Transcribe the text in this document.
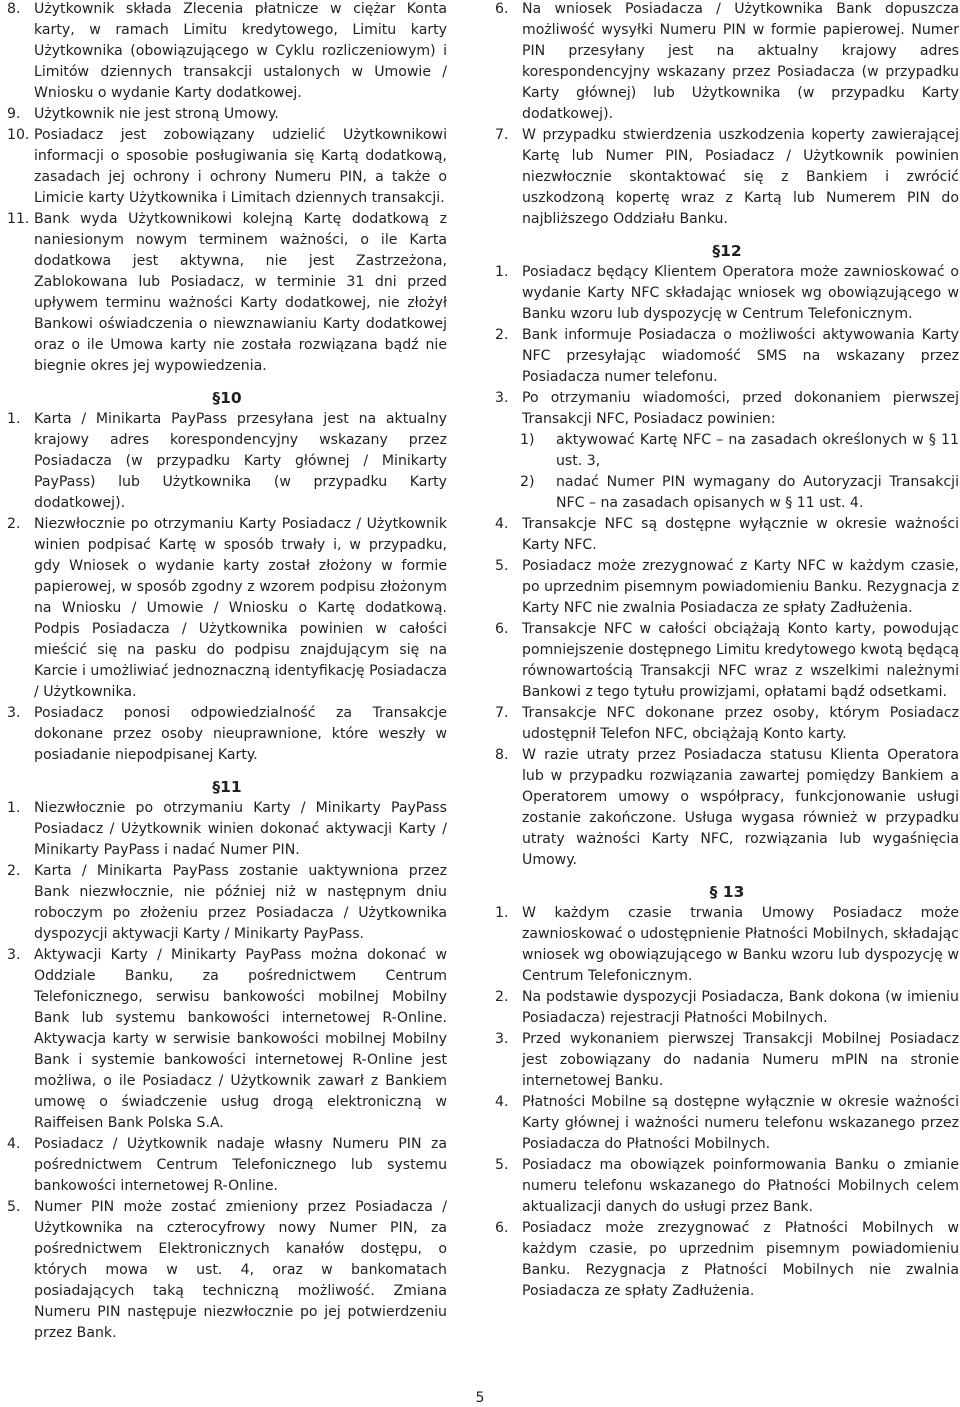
8. Użytkownik składa Zlecenia płatnicze w ciężar Konta karty, w ramach Limitu kredytowego, Limitu karty Użytkownika (obowiązującego w Cyklu rozliczeniowym) i Limitów dziennych transakcji ustalonych w Umowie / Wniosku o wydanie Karty dodatkowej.
9. Użytkownik nie jest stroną Umowy.
10. Posiadacz jest zobowiązany udzielić Użytkownikowi informacji o sposobie posługiwania się Kartą dodatkową, zasadach jej ochrony i ochrony Numeru PIN, a także o Limicie karty Użytkownika i Limitach dziennych transakcji.
11. Bank wyda Użytkownikowi kolejną Kartę dodatkową z naniesionym nowym terminem ważności, o ile Karta dodatkowa jest aktywna, nie jest Zastrzeżona, Zablokowana lub Posiadacz, w terminie 31 dni przed upływem terminu ważności Karty dodatkowej, nie złożył Bankowi oświadczenia o niewznawianiu Karty dodatkowej oraz o ile Umowa karty nie została rozwiązana bądź nie biegnie okres jej wypowiedzenia.
§10
1. Karta / Minikarta PayPass przesyłana jest na aktualny krajowy adres korespondencyjny wskazany przez Posiadacza (w przypadku Karty głównej / Minikarty PayPass) lub Użytkownika (w przypadku Karty dodatkowej).
2. Niezwłocznie po otrzymaniu Karty Posiadacz / Użytkownik winien podpisać Kartę w sposób trwały i, w przypadku, gdy Wniosek o wydanie karty został złożony w formie papierowej, w sposób zgodny z wzorem podpisu złożonym na Wniosku / Umowie / Wniosku o Kartę dodatkową. Podpis Posiadacza / Użytkownika powinien w całości mieścić się na pasku do podpisu znajdującym się na Karcie i umożliwiać jednoznaczną identyfikację Posiadacza / Użytkownika.
3. Posiadacz ponosi odpowiedzialność za Transakcje dokonane przez osoby nieuprawnione, które weszły w posiadanie niepodpisanej Karty.
§11
1. Niezwłocznie po otrzymaniu Karty / Minikarty PayPass Posiadacz / Użytkownik winien dokonać aktywacji Karty / Minikarty PayPass i nadać Numer PIN.
2. Karta / Minikarta PayPass zostanie uaktywniona przez Bank niezwłocznie, nie później niż w następnym dniu roboczym po złożeniu przez Posiadacza / Użytkownika dyspozycji aktywacji Karty / Minikarty PayPass.
3. Aktywacji Karty / Minikarty PayPass można dokonać w Oddziale Banku, za pośrednictwem Centrum Telefonicznego, serwisu bankowości mobilnej Mobilny Bank lub systemu bankowości internetowej R-Online. Aktywacja karty w serwisie bankowości mobilnej Mobilny Bank i systemie bankowości internetowej R-Online jest możliwa, o ile Posiadacz / Użytkownik zawarł z Bankiem umowę o świadczenie usług drogą elektroniczną w Raiffeisen Bank Polska S.A.
4. Posiadacz / Użytkownik nadaje własny Numeru PIN za pośrednictwem Centrum Telefonicznego lub systemu bankowości internetowej R-Online.
5. Numer PIN może zostać zmieniony przez Posiadacza / Użytkownika na czterocyfrowy nowy Numer PIN, za pośrednictwem Elektronicznych kanałów dostępu, o których mowa w ust. 4, oraz w bankomatach posiadających taką techniczną możliwość. Zmiana Numeru PIN następuje niezwłocznie po jej potwierdzeniu przez Bank.
6. Na wniosek Posiadacza / Użytkownika Bank dopuszcza możliwość wysyłki Numeru PIN w formie papierowej. Numer PIN przesyłany jest na aktualny krajowy adres korespondencyjny wskazany przez Posiadacza (w przypadku Karty głównej) lub Użytkownika (w przypadku Karty dodatkowej).
7. W przypadku stwierdzenia uszkodzenia koperty zawierającej Kartę lub Numer PIN, Posiadacz / Użytkownik powinien niezwłocznie skontaktować się z Bankiem i zwrócić uszkodzoną kopertę wraz z Kartą lub Numerem PIN do najbliższego Oddziału Banku.
§12
1. Posiadacz będący Klientem Operatora może zawnioskować o wydanie Karty NFC składając wniosek wg obowiązującego w Banku wzoru lub dyspozycję w Centrum Telefonicznym.
2. Bank informuje Posiadacza o możliwości aktywowania Karty NFC przesyłając wiadomość SMS na wskazany przez Posiadacza numer telefonu.
3. Po otrzymaniu wiadomości, przed dokonaniem pierwszej Transakcji NFC, Posiadacz powinien:
1)	aktywować Kartę NFC – na zasadach określonych w § 11 ust. 3,
2)	nadać Numer PIN wymagany do Autoryzacji Transakcji NFC – na zasadach opisanych w § 11 ust. 4.
4. Transakcje NFC są dostępne wyłącznie w okresie ważności Karty NFC.
5. Posiadacz może zrezygnować z Karty NFC w każdym czasie, po uprzednim pisemnym powiadomieniu Banku. Rezygnacja z Karty NFC nie zwalnia Posiadacza ze spłaty Zadłużenia.
6. Transakcje NFC w całości obciążają Konto karty, powodując pomniejszenie dostępnego Limitu kredytowego kwotą będącą równowartością Transakcji NFC wraz z wszelkimi należnymi Bankowi z tego tytułu prowizjami, opłatami bądź odsetkami.
7. Transakcje NFC dokonane przez osoby, którym Posiadacz udostępnił Telefon NFC, obciążają Konto karty.
8. W razie utraty przez Posiadacza statusu Klienta Operatora lub w przypadku rozwiązania zawartej pomiędzy Bankiem a Operatorem umowy o współpracy, funkcjonowanie usługi zostanie zakończone. Usługa wygasa również w przypadku utraty ważności Karty NFC, rozwiązania lub wygaśnięcia Umowy.
§ 13
1. W każdym czasie trwania Umowy Posiadacz może zawnioskować o udostępnienie Płatności Mobilnych, składając wniosek wg obowiązującego w Banku wzoru lub dyspozycję w Centrum Telefonicznym.
2. Na podstawie dyspozycji Posiadacza, Bank dokona (w imieniu Posiadacza) rejestracji Płatności Mobilnych.
3. Przed wykonaniem pierwszej Transakcji Mobilnej Posiadacz jest zobowiązany do nadania Numeru mPIN na stronie internetowej Banku.
4. Płatności Mobilne są dostępne wyłącznie w okresie ważności Karty głównej i ważności numeru telefonu wskazanego przez Posiadacza do Płatności Mobilnych.
5. Posiadacz ma obowiązek poinformowania Banku o zmianie numeru telefonu wskazanego do Płatności Mobilnych celem aktualizacji danych do usługi przez Bank.
6. Posiadacz może zrezygnować z Płatności Mobilnych w każdym czasie, po uprzednim pisemnym powiadomieniu Banku. Rezygnacja z Płatności Mobilnych nie zwalnia Posiadacza ze spłaty Zadłużenia.
5
